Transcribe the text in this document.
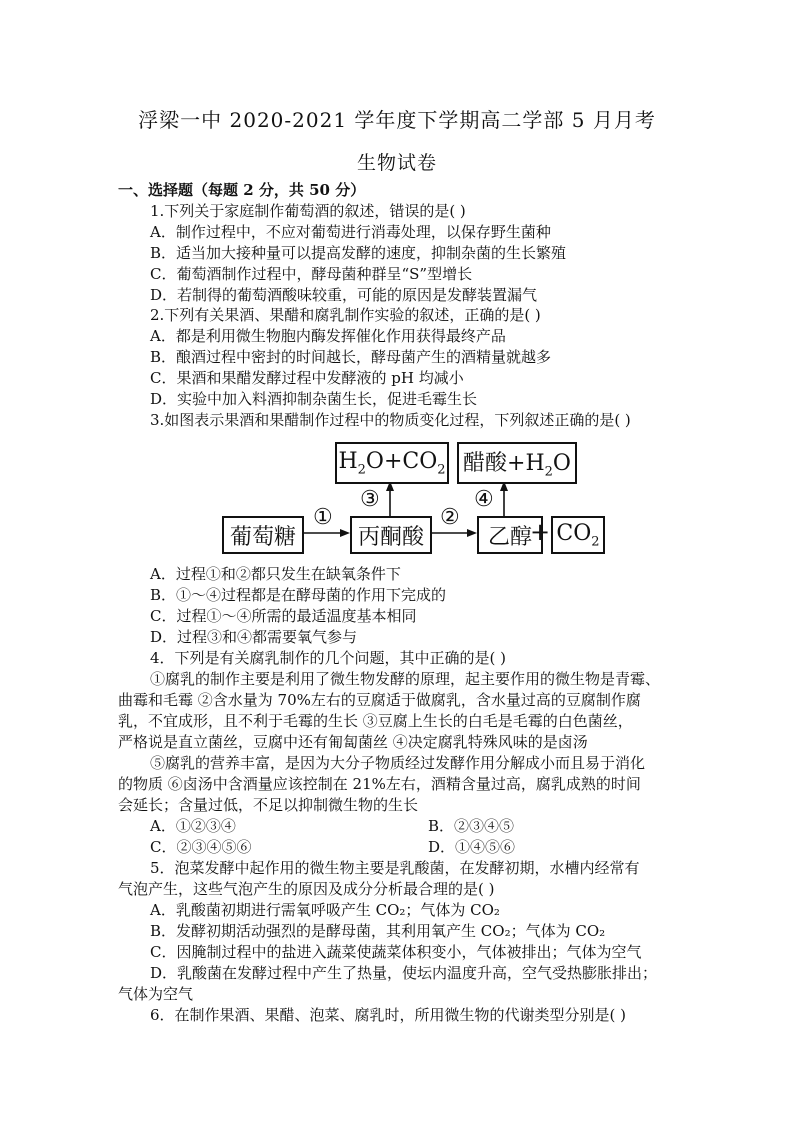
浮梁一中 2020-2021 学年度下学期高二学部 5 月月考
生物试卷
一、选择题（每题 2 分，共 50 分）
1.下列关于家庭制作葡萄酒的叙述，错误的是( )
A．制作过程中，不应对葡萄进行消毒处理，以保存野生菌种
B．适当加大接种量可以提高发酵的速度，抑制杂菌的生长繁殖
C．葡萄酒制作过程中，酵母菌种群呈“S”型增长
D．若制得的葡萄酒酸味较重，可能的原因是发酵装置漏气
2.下列有关果酒、果醋和腐乳制作实验的叙述，正确的是( )
A．都是利用微生物胞内酶发挥催化作用获得最终产品
B．酿酒过程中密封的时间越长，酵母菌产生的酒精量就越多
C．果酒和果醋发酵过程中发酵液的 pH 均减小
D．实验中加入料酒抑制杂菌生长，促进毛霉生长
3.如图表示果酒和果醋制作过程中的物质变化过程，下列叙述正确的是( )
葡萄糖	丙酮酸	乙醇
+ $CO_2$
$H_2O+CO_2$ 醋酸$+H_2O$
①	②
③	④
A．过程①和②都只发生在缺氧条件下
B．①～④过程都是在酵母菌的作用下完成的
C．过程①～④所需的最适温度基本相同
D．过程③和④都需要氧气参与
4．下列是有关腐乳制作的几个问题，其中正确的是( )
①腐乳的制作主要是利用了微生物发酵的原理，起主要作用的微生物是青霉、
曲霉和毛霉 ②含水量为 70%左右的豆腐适于做腐乳，含水量过高的豆腐制作腐
乳，不宜成形，且不利于毛霉的生长 ③豆腐上生长的白毛是毛霉的白色菌丝，
严格说是直立菌丝，豆腐中还有匍匐菌丝 ④决定腐乳特殊风味的是卤汤
⑤腐乳的营养丰富，是因为大分子物质经过发酵作用分解成小而且易于消化
的物质 ⑥卤汤中含酒量应该控制在 21%左右，酒精含量过高，腐乳成熟的时间
会延长；含量过低，不足以抑制微生物的生长
A．①②③④	B．②③④⑤
C．②③④⑤⑥	D．①④⑤⑥
5．泡菜发酵中起作用的微生物主要是乳酸菌，在发酵初期，水槽内经常有
气泡产生，这些气泡产生的原因及成分分析最合理的是( )
A．乳酸菌初期进行需氧呼吸产生 CO₂；气体为 CO₂
B．发酵初期活动强烈的是酵母菌，其利用氧产生 CO₂；气体为 CO₂
C．因腌制过程中的盐进入蔬菜使蔬菜体积变小，气体被排出；气体为空气
D．乳酸菌在发酵过程中产生了热量，使坛内温度升高，空气受热膨胀排出；
气体为空气
6．在制作果酒、果醋、泡菜、腐乳时，所用微生物的代谢类型分别是( )
